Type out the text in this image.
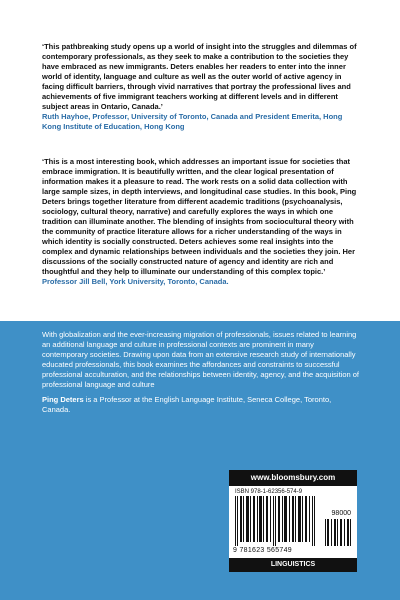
‘This pathbreaking study opens up a world of insight into the struggles and dilemmas of contemporary professionals, as they seek to make a contribution to the societies they have embraced as new immigrants. Deters enables her readers to enter into the inner world of identity, language and culture as well as the outer world of active agency in facing difficult barriers, through vivid narratives that portray the professional lives and achievements of five immigrant teachers working at different levels and in different subject areas in Ontario, Canada.’
Ruth Hayhoe, Professor, University of Toronto, Canada and President Emerita, Hong Kong Institute of Education, Hong Kong
‘This is a most interesting book, which addresses an important issue for societies that embrace immigration. It is beautifully written, and the clear logical presentation of information makes it a pleasure to read. The work rests on a solid data collection with large sample sizes, in depth interviews, and longitudinal case studies. In this book, Ping Deters brings together literature from different academic traditions (psychoanalysis, sociology, cultural theory, narrative) and carefully explores the ways in which one tradition can illuminate another. The blending of insights from sociocultural theory with the community of practice literature allows for a richer understanding of the ways in which identity is socially constructed. Deters achieves some real insights into the complex and dynamic relationships between individuals and the societies they join. Her discussions of the socially constructed nature of agency and identity are rich and thoughtful and they help to illuminate our understanding of this complex topic.’
Professor Jill Bell, York University, Toronto, Canada.
With globalization and the ever-increasing migration of professionals, issues related to learning an additional language and culture in professional contexts are prominent in many contemporary societies. Drawing upon data from an extensive research study of internationally educated professionals, this book examines the affordances and constraints to successful professional acculturation, and the relationships between identity, agency, and the acquisition of professional language and culture
Ping Deters is a Professor at the English Language Institute, Seneca College, Toronto, Canada.
www.bloomsbury.com
ISBN 978-1-62356-574-9
98000
9 781623 565749
LINGUISTICS
